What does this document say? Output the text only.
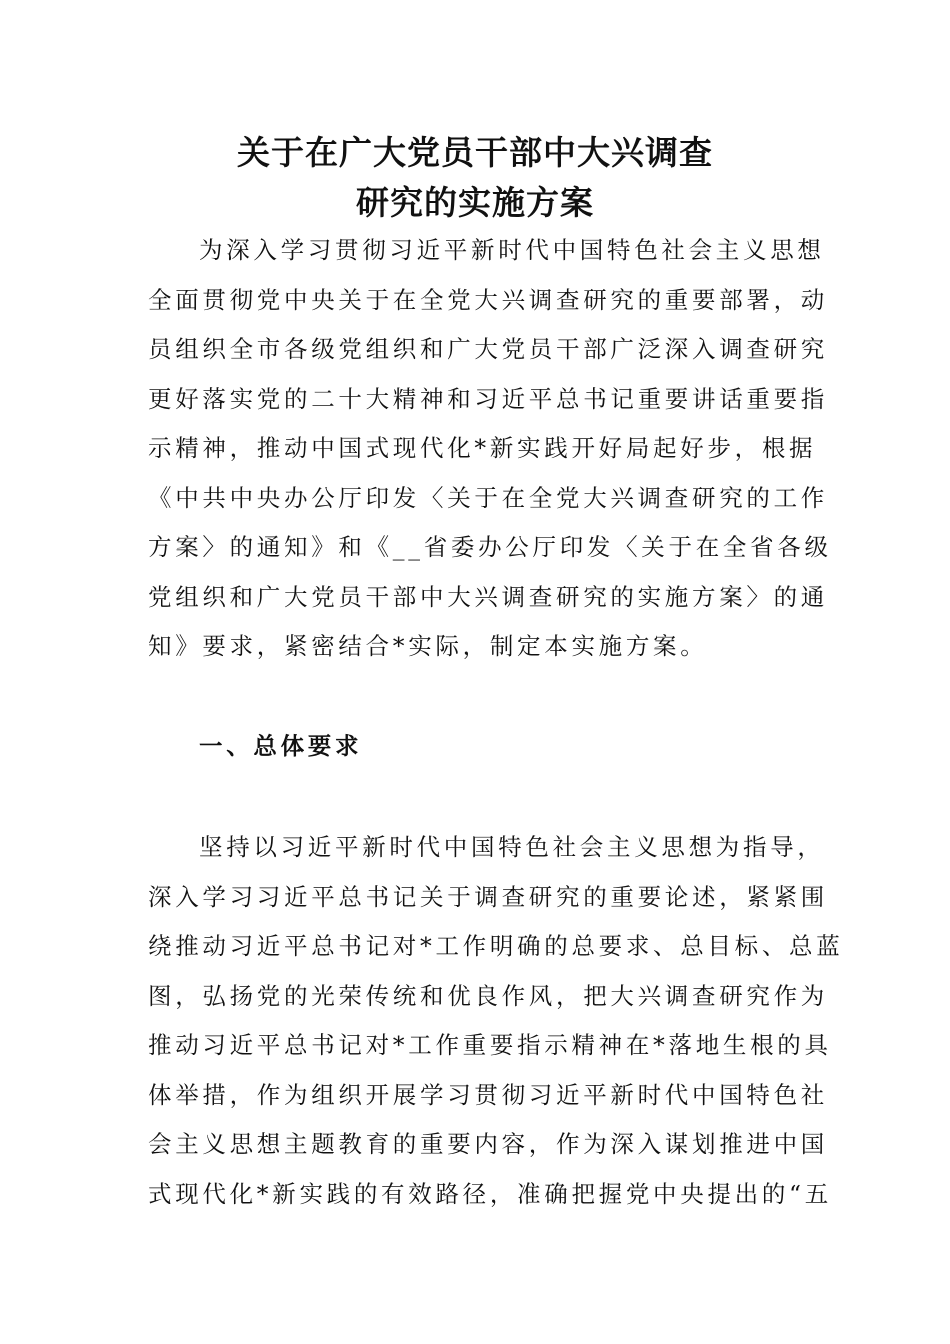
关于在广大党员干部中大兴调查
研究的实施方案

为深入学习贯彻习近平新时代中国特色社会主义思想
全面贯彻党中央关于在全党大兴调查研究的重要部署，动
员组织全市各级党组织和广大党员干部广泛深入调查研究
更好落实党的二十大精神和习近平总书记重要讲话重要指
示精神，推动中国式现代化*新实践开好局起好步，根据
《中共中央办公厅印发〈关于在全党大兴调查研究的工作
方案〉的通知》和《__省委办公厅印发〈关于在全省各级
党组织和广大党员干部中大兴调查研究的实施方案〉的通
知》要求，紧密结合*实际，制定本实施方案。

一、总体要求

坚持以习近平新时代中国特色社会主义思想为指导，
深入学习习近平总书记关于调查研究的重要论述，紧紧围
绕推动习近平总书记对*工作明确的总要求、总目标、总蓝
图，弘扬党的光荣传统和优良作风，把大兴调查研究作为
推动习近平总书记对*工作重要指示精神在*落地生根的具
体举措，作为组织开展学习贯彻习近平新时代中国特色社
会主义思想主题教育的重要内容，作为深入谋划推进中国
式现代化*新实践的有效路径，准确把握党中央提出的“五
